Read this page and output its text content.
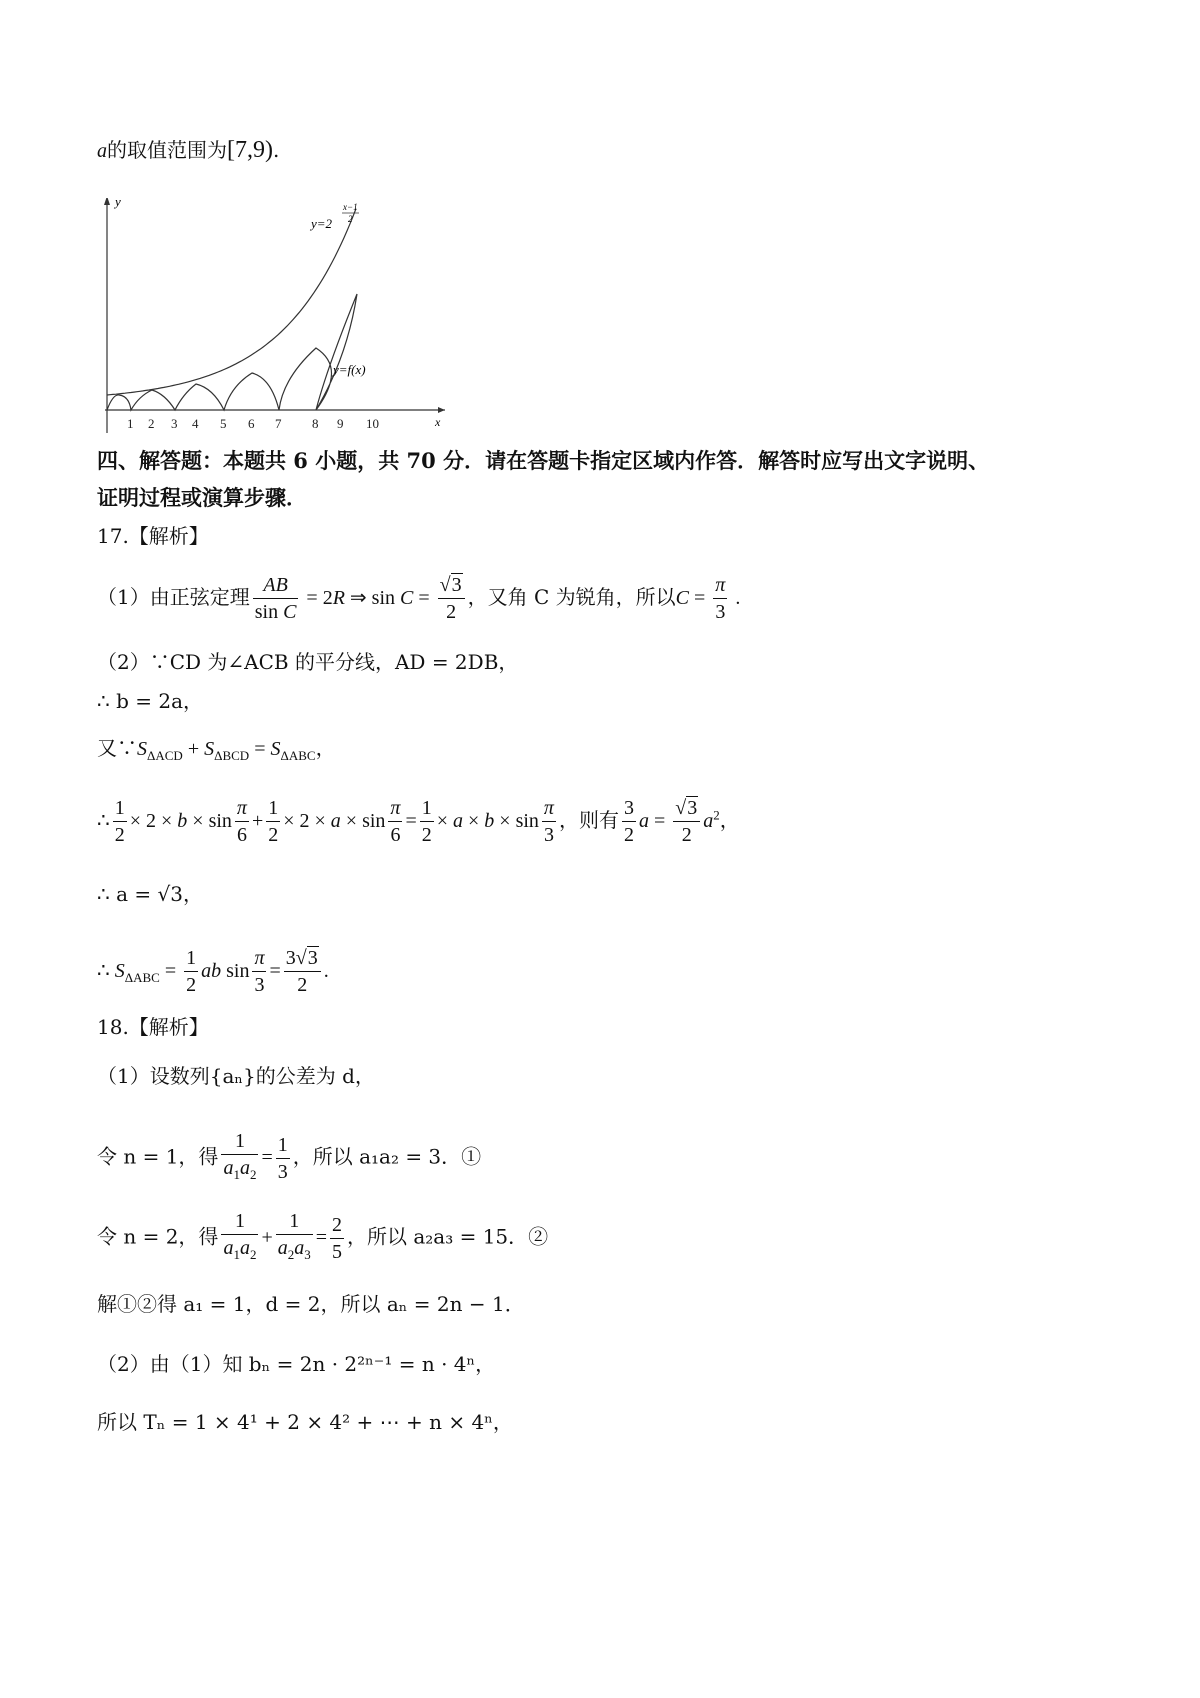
a的取值范围为[7,9).
y
x
y=2
x−1
2
y=f(x)
1 2 3 4 5 6 7 8 9 10
四、解答题：本题共 6 小题，共 70 分．请在答题卡指定区域内作答．解答时应写出文字说明、
证明过程或演算步骤．
17.【解析】
（1）由正弦定理 $\frac{AB}{\text{sin C}} = 2R$ ⇒ $\sin C = \frac{√3}{2}$ ，又角 C 为锐角，所以$C = \frac{\pi}{3}$ .
（2）∵CD 为∠ACB 的平分线，AD = 2DB，
∴ b = 2a，
又$\because S_{\Delta ACD} + S_{\Delta BCD} = S_{\Delta ABC}$，
∴ $\frac{1}{2} \times 2 \times b \times \sin \frac{\pi}{6} + \frac{1}{2} \times 2 \times a \times \sin \frac{\pi}{6} = \frac{1}{2} \times a \times b \times \sin \frac{\pi}{3}$ ，则有 $\frac{3}{2}$ $a = \frac{√3}{2} a^2$，
∴ a = √3，
∴ $S_{\Delta ABC} = \frac{1}{2}$ ab $\sin \frac{\pi}{3} = \frac{3√3}{2}$ .
18.【解析】
（1）设数列{aₙ}的公差为 d，
令 n = 1，得 $\frac{1}{a_1a_2} = \frac{1}{3}$ ，所以 a₁a₂ = 3．①
令 n = 2，得 $\frac{1}{a_1a_2} + \frac{1}{a_2a_3} = \frac{2}{5}$ ，所以 a₂a₃ = 15．②
解①②得 a₁ = 1，d = 2，所以 aₙ = 2n − 1．
（2）由（1）知 bₙ = 2n · 2²ⁿ⁻¹ = n · 4ⁿ，
所以 Tₙ = 1 × 4¹ + 2 × 4² + ⋯ + n × 4ⁿ，
